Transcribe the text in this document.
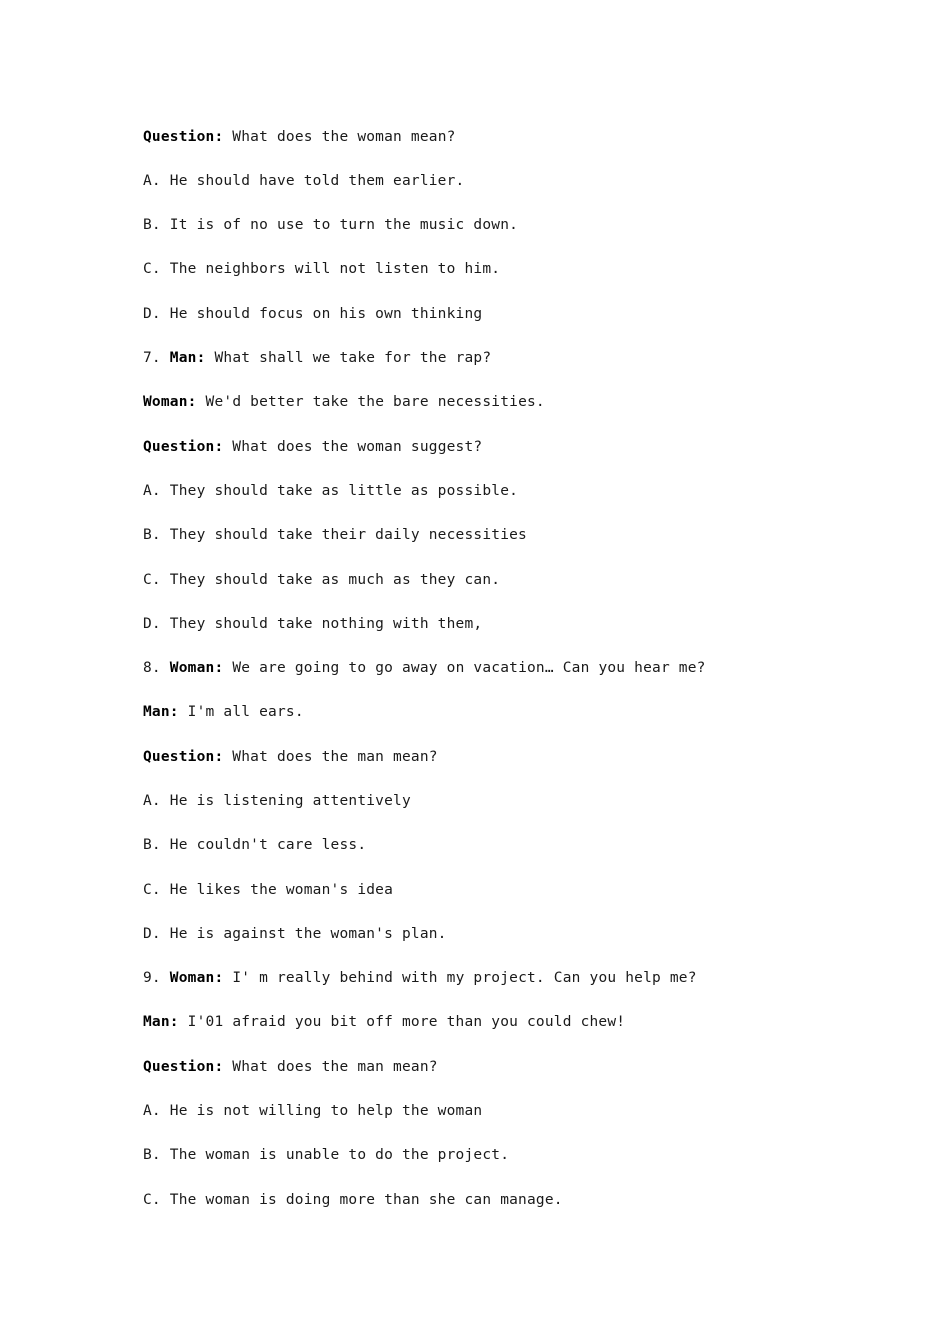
Question: What does the woman mean?
A. He should have told them earlier.
B. It is of no use to turn the music down.
C. The neighbors will not listen to him.
D. He should focus on his own thinking
7. Man: What shall we take for the rap?
Woman: We'd better take the bare necessities.
Question: What does the woman suggest?
A. They should take as little as possible.
B. They should take their daily necessities
C. They should take as much as they can.
D. They should take nothing with them,
8. Woman: We are going to go away on vacation… Can you hear me?
Man: I'm all ears.
Question: What does the man mean?
A. He is listening attentively
B. He couldn't care less.
C. He likes the woman's idea
D. He is against the woman's plan.
9. Woman: I' m really behind with my project. Can you help me?
Man: I'01 afraid you bit off more than you could chew!
Question: What does the man mean?
A. He is not willing to help the woman
B. The woman is unable to do the project.
C. The woman is doing more than she can manage.
